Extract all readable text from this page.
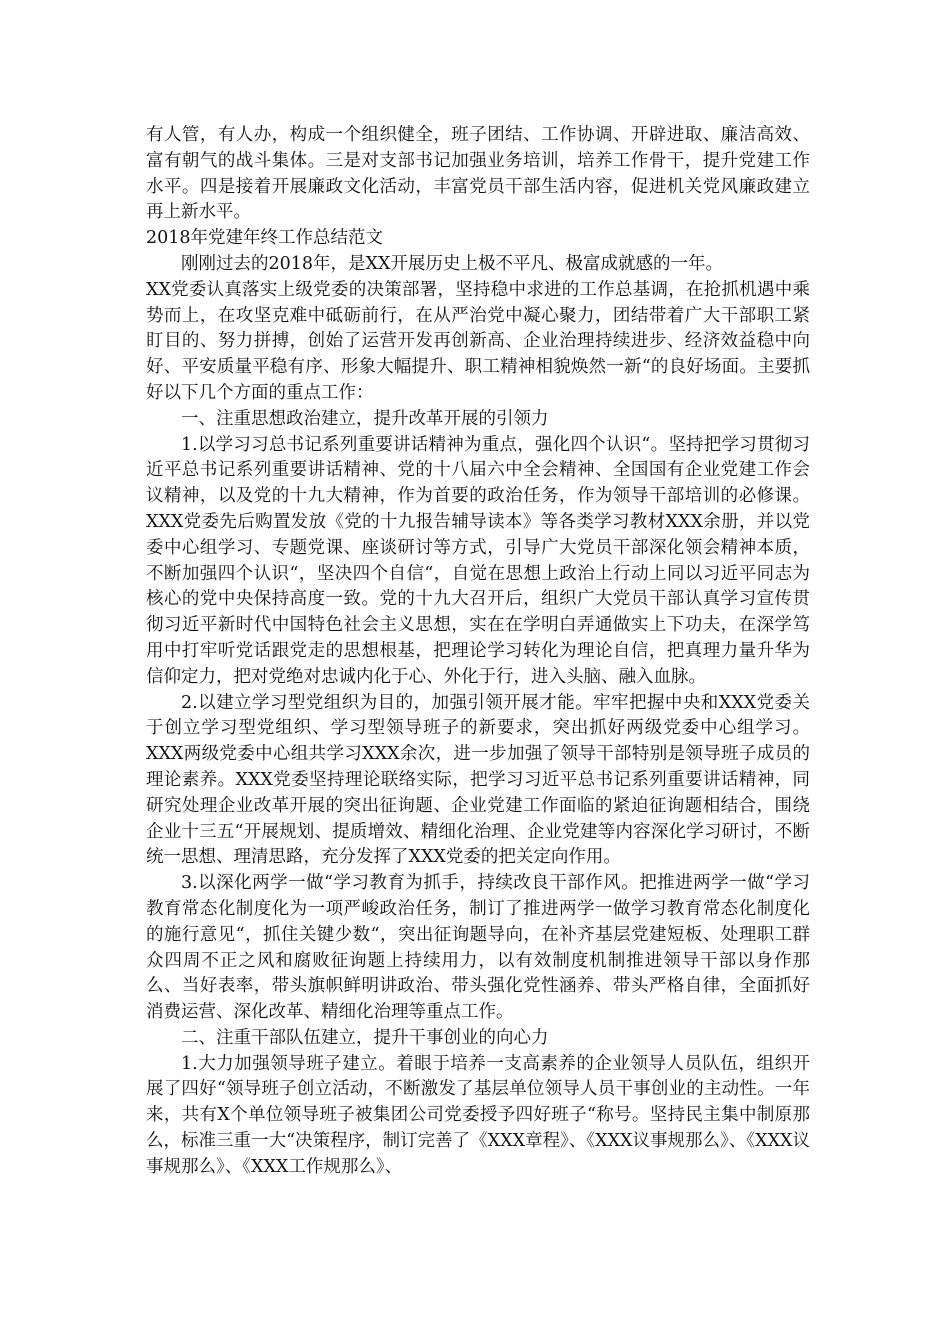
有人管，有人办，构成一个组织健全，班子团结、工作协调、开辟进取、廉洁高效、富有朝气的战斗集体。三是对支部书记加强业务培训，培养工作骨干，提升党建工作水平。四是接着开展廉政文化活动，丰富党员干部生活内容，促进机关党风廉政建立再上新水平。

2018年党建年终工作总结范文

刚刚过去的2018年，是XX开展历史上极不平凡、极富成就感的一年。

XX党委认真落实上级党委的决策部署，坚持稳中求进的工作总基调，在抢抓机遇中乘势而上，在攻坚克难中砥砺前行，在从严治党中凝心聚力，团结带着广大干部职工紧盯目的、努力拼搏，创始了运营开发再创新高、企业治理持续进步、经济效益稳中向好、平安质量平稳有序、形象大幅提升、职工精神相貌焕然一新“的良好场面。主要抓好以下几个方面的重点工作：

一、注重思想政治建立，提升改革开展的引领力

1.以学习习总书记系列重要讲话精神为重点，强化四个认识“。坚持把学习贯彻习近平总书记系列重要讲话精神、党的十八届六中全会精神、全国国有企业党建工作会议精神，以及党的十九大精神，作为首要的政治任务，作为领导干部培训的必修课。XXX党委先后购置发放《党的十九报告辅导读本》等各类学习教材XXX余册，并以党委中心组学习、专题党课、座谈研讨等方式，引导广大党员干部深化领会精神本质，不断加强四个认识“，坚决四个自信“，自觉在思想上政治上行动上同以习近平同志为核心的党中央保持高度一致。党的十九大召开后，组织广大党员干部认真学习宣传贯彻习近平新时代中国特色社会主义思想，实在在学明白弄通做实上下功夫，在深学笃用中打牢听党话跟党走的思想根基，把理论学习转化为理论自信，把真理力量升华为信仰定力，把对党绝对忠诚内化于心、外化于行，进入头脑、融入血脉。

2.以建立学习型党组织为目的，加强引领开展才能。牢牢把握中央和XXX党委关于创立学习型党组织、学习型领导班子的新要求，突出抓好两级党委中心组学习。XXX两级党委中心组共学习XXX余次，进一步加强了领导干部特别是领导班子成员的理论素养。XXX党委坚持理论联络实际，把学习习近平总书记系列重要讲话精神，同研究处理企业改革开展的突出征询题、企业党建工作面临的紧迫征询题相结合，围绕企业十三五“开展规划、提质增效、精细化治理、企业党建等内容深化学习研讨，不断统一思想、理清思路，充分发挥了XXX党委的把关定向作用。

3.以深化两学一做“学习教育为抓手，持续改良干部作风。把推进两学一做“学习教育常态化制度化为一项严峻政治任务，制订了推进两学一做学习教育常态化制度化的施行意见“，抓住关键少数“，突出征询题导向，在补齐基层党建短板、处理职工群众四周不正之风和腐败征询题上持续用力，以有效制度机制推进领导干部以身作那么、当好表率，带头旗帜鲜明讲政治、带头强化党性涵养、带头严格自律，全面抓好消费运营、深化改革、精细化治理等重点工作。

二、注重干部队伍建立，提升干事创业的向心力

1.大力加强领导班子建立。着眼于培养一支高素养的企业领导人员队伍，组织开展了四好“领导班子创立活动，不断激发了基层单位领导人员干事创业的主动性。一年来，共有X个单位领导班子被集团公司党委授予四好班子“称号。坚持民主集中制原那么，标准三重一大“决策程序，制订完善了《XXX章程》、《XXX议事规那么》、《XXX议事规那么》、《XXX工作规那么》、
